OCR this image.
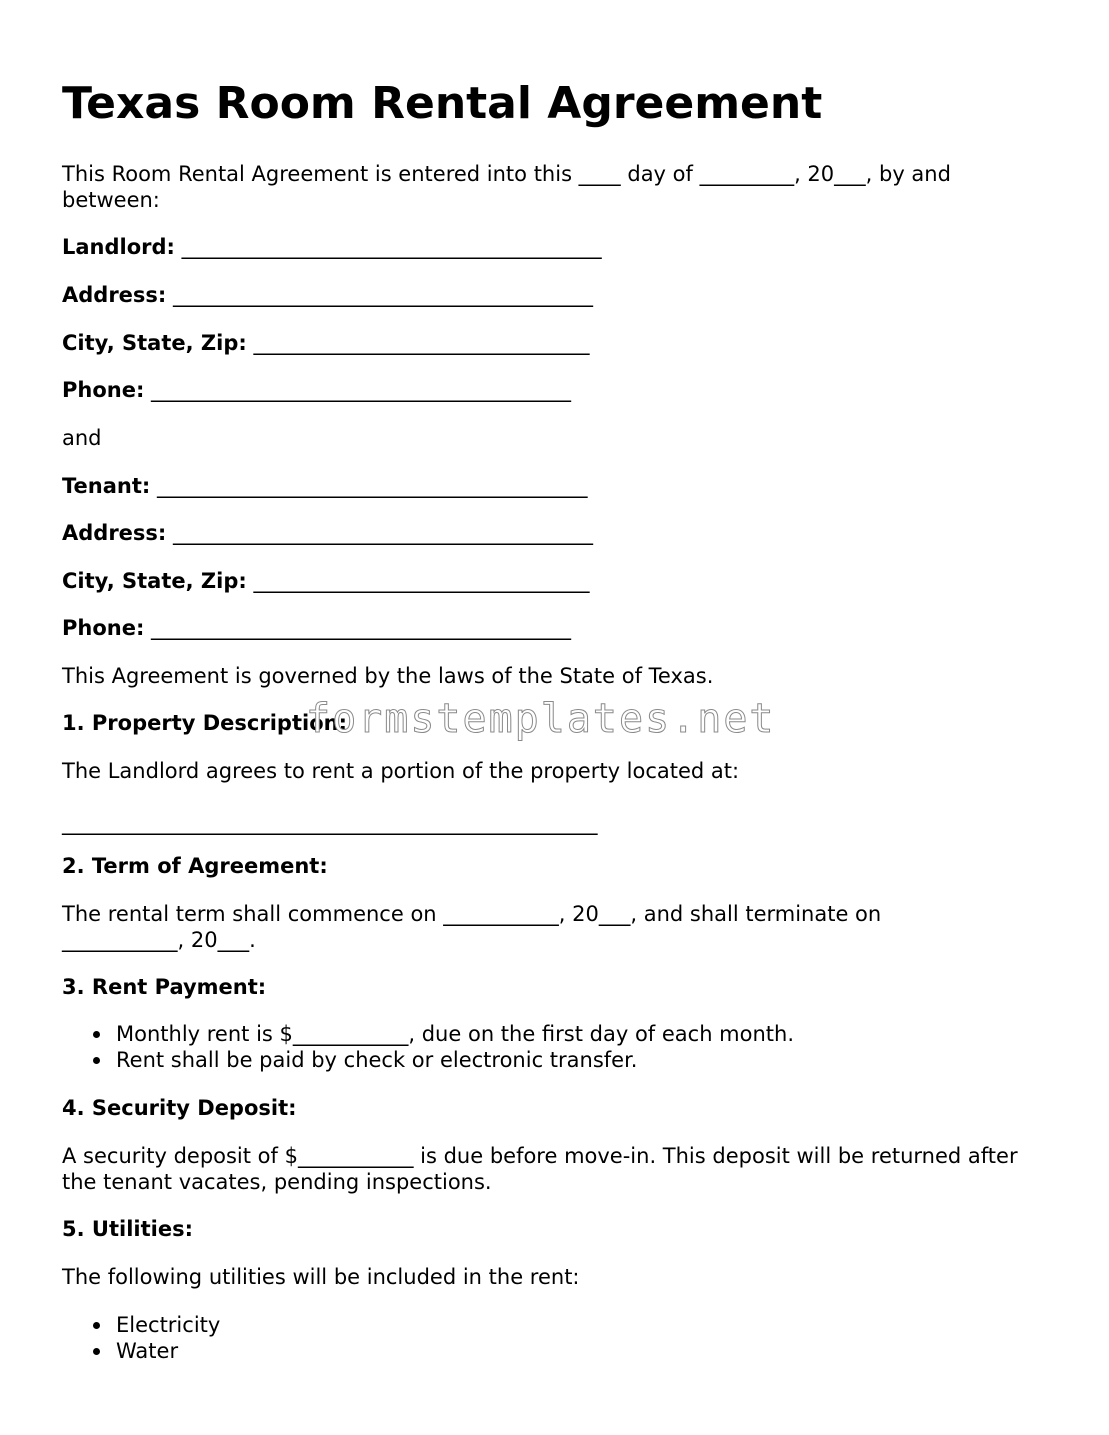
Texas Room Rental Agreement

This Room Rental Agreement is entered into this ____ day of _________, 20___, by and between:

Landlord: ________________________________________

Address: ________________________________________

City, State, Zip: ________________________________

Phone: ________________________________________

and

Tenant: _________________________________________

Address: ________________________________________

City, State, Zip: ________________________________

Phone: ________________________________________

This Agreement is governed by the laws of the State of Texas.

1. Property Description:

The Landlord agrees to rent a portion of the property located at:

___________________________________________________

2. Term of Agreement:

The rental term shall commence on ___________, 20___, and shall terminate on ___________, 20___.

3. Rent Payment:
Monthly rent is $___________, due on the first day of each month.
Rent shall be paid by check or electronic transfer.
4. Security Deposit:

A security deposit of $___________ is due before move-in. This deposit will be returned after the tenant vacates, pending inspections.

5. Utilities:

The following utilities will be included in the rent:

Electricity
Water
formstemplates.net
